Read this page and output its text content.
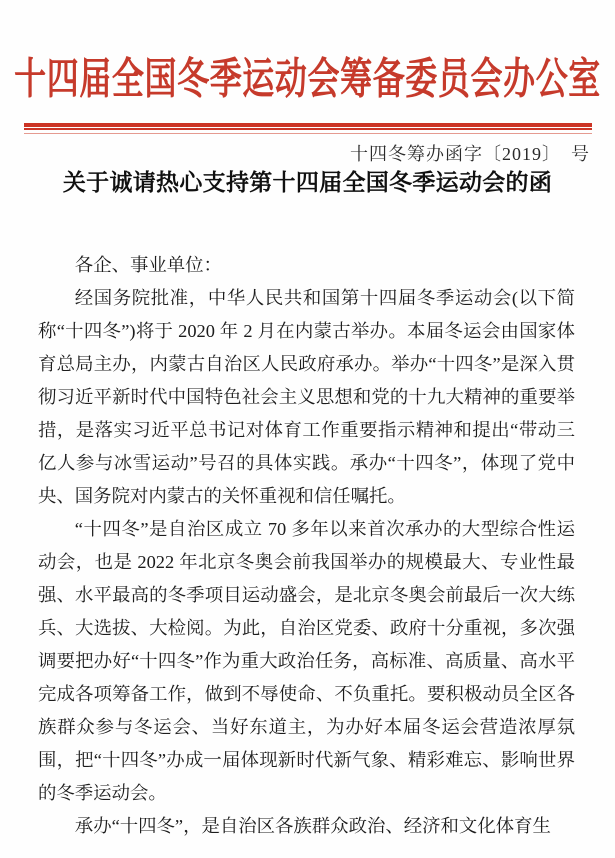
十四届全国冬季运动会筹备委员会办公室
十四冬筹办函字〔2019〕　号
关于诚请热心支持第十四届全国冬季运动会的函

各企、事业单位：

经国务院批准，中华人民共和国第十四届冬季运动会(以下简称“十四冬”)将于 2020 年 2 月在内蒙古举办。本届冬运会由国家体育总局主办，内蒙古自治区人民政府承办。举办“十四冬”是深入贯彻习近平新时代中国特色社会主义思想和党的十九大精神的重要举措，是落实习近平总书记对体育工作重要指示精神和提出“带动三亿人参与冰雪运动”号召的具体实践。承办“十四冬”，体现了党中央、国务院对内蒙古的关怀重视和信任嘱托。

“十四冬”是自治区成立 70 多年以来首次承办的大型综合性运动会，也是 2022 年北京冬奥会前我国举办的规模最大、专业性最强、水平最高的冬季项目运动盛会，是北京冬奥会前最后一次大练兵、大选拔、大检阅。为此，自治区党委、政府十分重视，多次强调要把办好“十四冬”作为重大政治任务，高标准、高质量、高水平完成各项筹备工作，做到不辱使命、不负重托。要积极动员全区各族群众参与冬运会、当好东道主，为办好本届冬运会营造浓厚氛围，把“十四冬”办成一届体现新时代新气象、精彩难忘、影响世界的冬季运动会。

承办“十四冬”，是自治区各族群众政治、经济和文化体育生
